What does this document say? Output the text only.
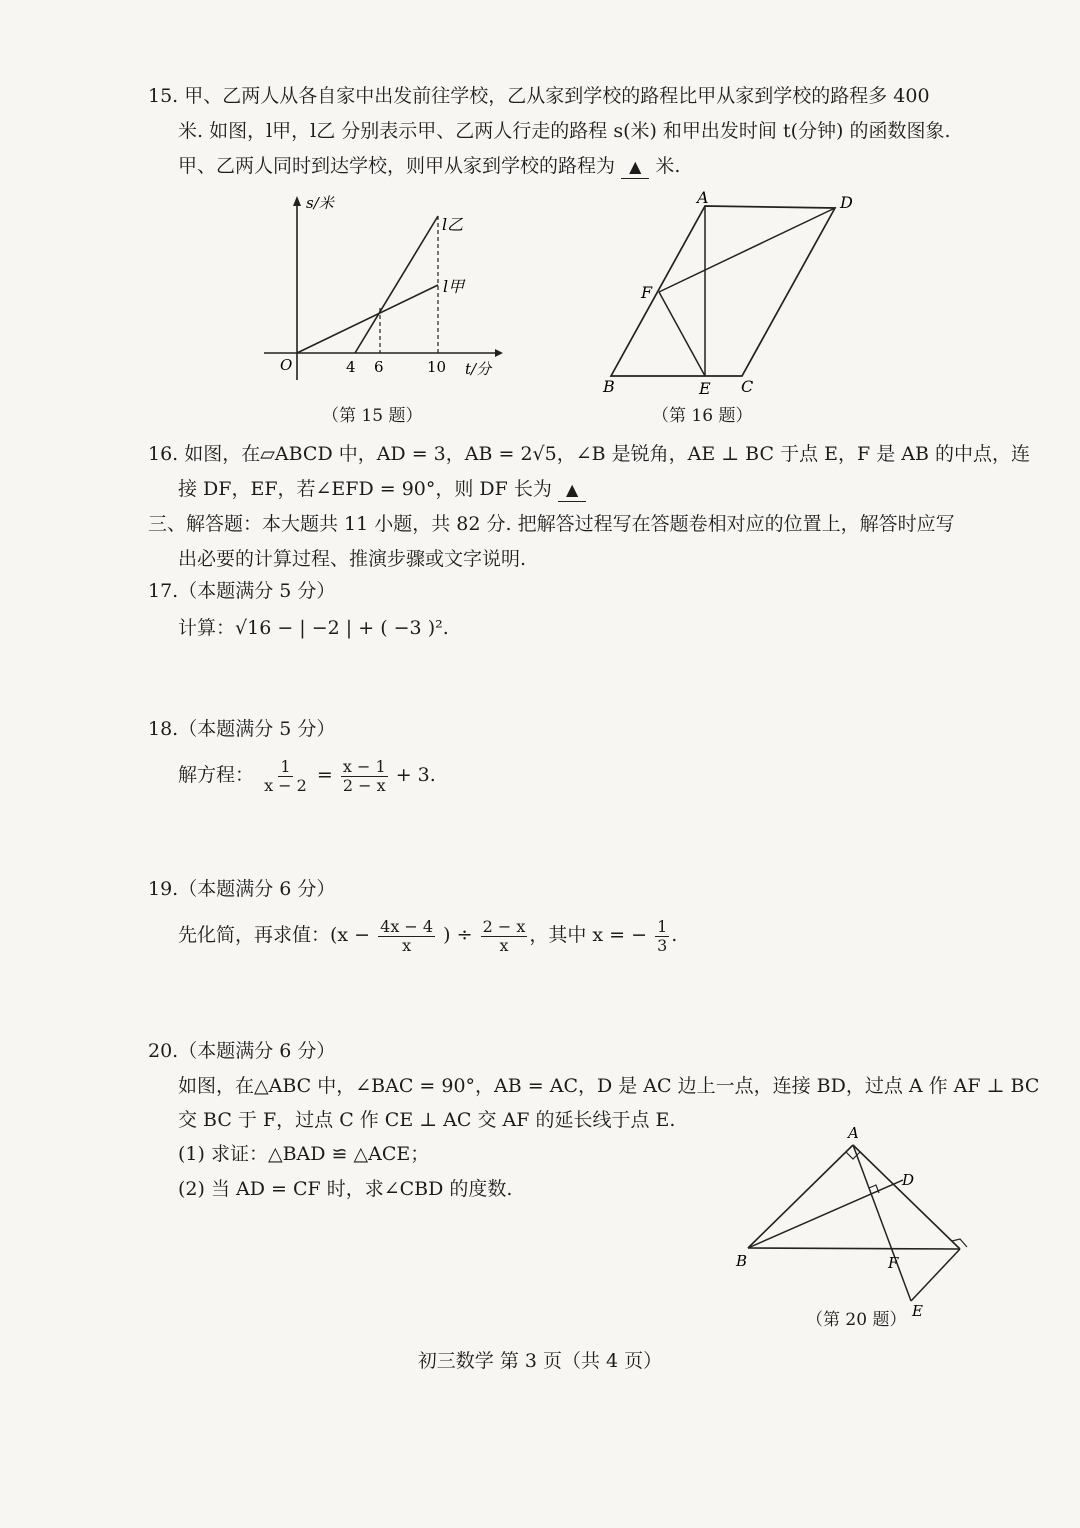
15. 甲、乙两人从各自家中出发前往学校，乙从家到学校的路程比甲从家到学校的路程多 400
米. 如图，l甲，l乙 分别表示甲、乙两人行走的路程 s(米) 和甲出发时间 t(分钟) 的函数图象.
甲、乙两人同时到达学校，则甲从家到学校的路程为 ▲ 米.
s/米
t/分
O	4 6	10
l乙
l甲
（第 15 题）
A	D
F
B	E C
（第 16 题）
16. 如图，在▱ABCD 中，AD = 3，AB = 2√5，∠B 是锐角，AE ⊥ BC 于点 E，F 是 AB 的中点，连
接 DF，EF，若∠EFD = 90°，则 DF 长为 ▲
三、解答题：本大题共 11 小题，共 82 分. 把解答过程写在答题卷相对应的位置上，解答时应写
出必要的计算过程、推演步骤或文字说明.
17.（本题满分 5 分）
计算：√16 − | −2 | + ( −3 )².
18.（本题满分 5 分）
解方程： $\frac{1}{x - 2} = \frac{x - 1}{2 - x} + 3$.
19.（本题满分 6 分）
先化简，再求值：($x - \frac{4x - 4}{x}$ ) ÷ $\frac{2 - x}{x}$ ，其中 x = − $\frac{1}{3}$ .
20.（本题满分 6 分）
如图，在△ABC 中，∠BAC = 90°，AB = AC，D 是 AC 边上一点，连接 BD，过点 A 作 AF ⊥ BC
交 BC 于 F，过点 C 作 CE ⊥ AC 交 AF 的延长线于点 E.
(1) 求证：△BAD ≌ △ACE；
(2) 当 AD = CF 时，求∠CBD 的度数.
A
D
B	F
E
（第 20 题）
初三数学 第 3 页（共 4 页）
